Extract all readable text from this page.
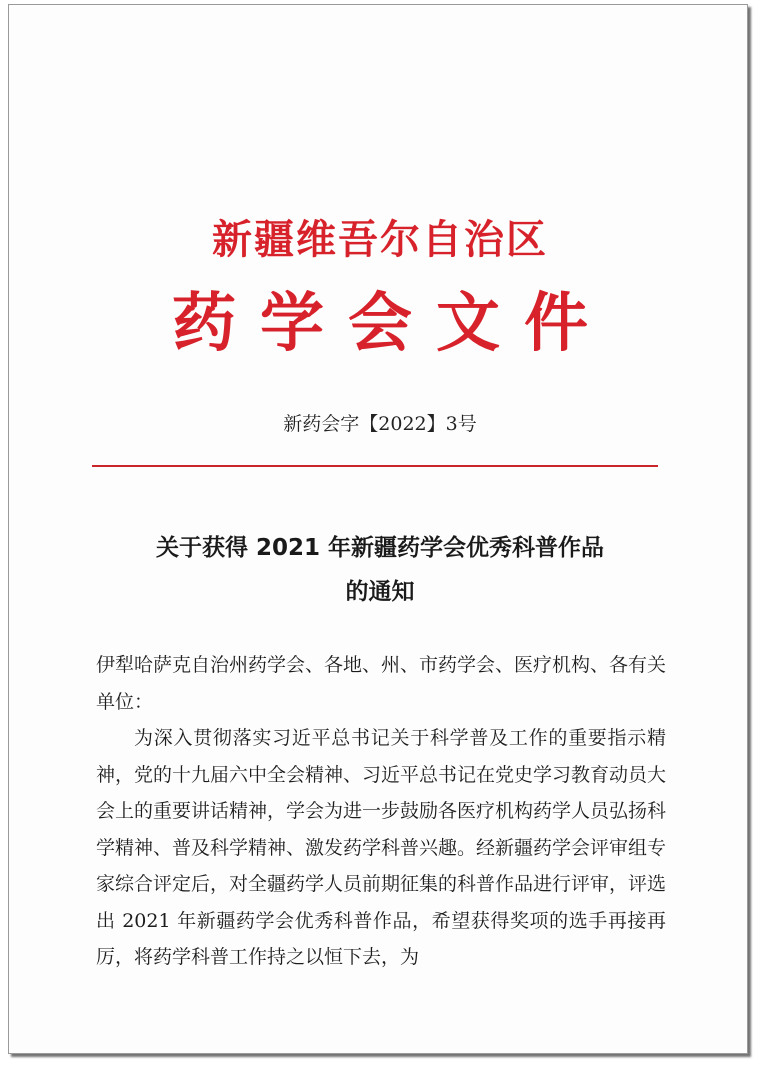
新疆维吾尔自治区
药学会文件
新药会字【2022】3号
关于获得 2021 年新疆药学会优秀科普作品
的通知

伊犁哈萨克自治州药学会、各地、州、市药学会、医疗机构、各有关单位：

为深入贯彻落实习近平总书记关于科学普及工作的重要指示精神，党的十九届六中全会精神、习近平总书记在党史学习教育动员大会上的重要讲话精神，学会为进一步鼓励各医疗机构药学人员弘扬科学精神、普及科学精神、激发药学科普兴趣。经新疆药学会评审组专家综合评定后，对全疆药学人员前期征集的科普作品进行评审，评选出 2021 年新疆药学会优秀科普作品，希望获得奖项的选手再接再厉，将药学科普工作持之以恒下去，为
